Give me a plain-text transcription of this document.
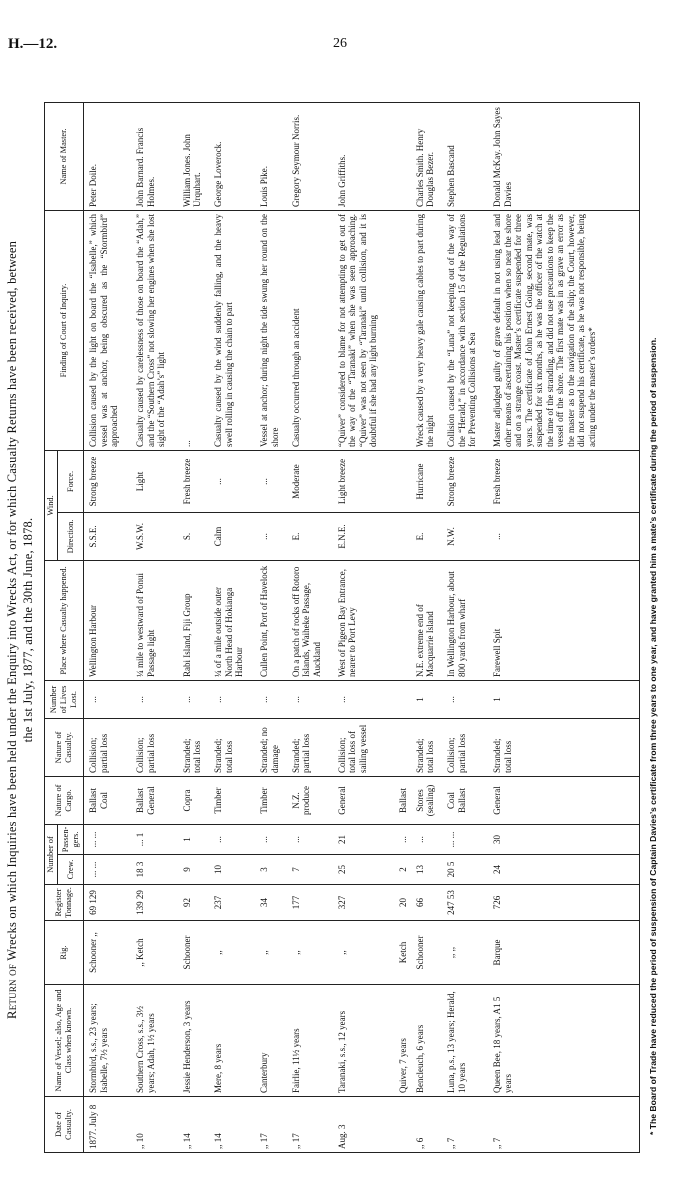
H.—12.	26
Return of Wrecks on which Inquiries have been held under the Enquiry into Wrecks Act, or for which Casualty Returns have been received, between the 1st July, 1877, and the 30th June, 1878.
Date of Casualty.	Name of Vessel; also, Age and Class when known.	Rig.	Register Tonnage.	Number of		Nature of Cargo.	Nature of Casualty.	Number of Lives Lost.	Place where Casualty happened.	Wind.		Finding of Court of Inquiry.	Name of Master.
				Crew.	Passen-gers.					Direction.	Force.		
1877. July 8	Stormbird, s.s., 23 years; Isabelle, 7½ years	Schooner ,,	69 129	... ...	... ...	Ballast Coal	Collision; partial loss	...	Wellington Harbour	S.S.E.	Strong breeze	Collision caused by the light on board the “Isabelle,” which vessel was at anchor, being obscured as the “Stormbird” approached	Peter Doile.
,, 10	Southern Cross, s.s., 3½ years; Adah, 1½ years	,, Ketch	139 29	18 3	... 1	Ballast General	Collision; partial loss	...	¼ mile to westward of Ponui Passage light	W.S.W.	Light	Casualty caused by carelessness of those on board the “Adah,” and the “Southern Cross” not slowing her engines when she lost sight of the “Adah’s” light	John Barnard. Francis Holmes.
,, 14	Jessie Henderson, 3 years	Schooner	92	9	1	Copra	Stranded; total loss	...	Rabi Island, Fiji Group	S.	Fresh breeze	...	William Jones. John Urquhart.
,, 14	Mere, 8 years	,,	237	10	...	Timber	Stranded; total loss	...	¼ of a mile outside outer North Head of Hokianga Harbour	Calm	...	Casualty caused by the wind suddenly falling, and the heavy swell rolling in causing the chain to part	George Loverock.
,, 17	Canterbury	,,	34	3	...	Timber	Stranded; no damage	...	Cullen Point, Port of Havelock	...	...	Vessel at anchor; during night the tide swung her round on the shore	Louis Pike.
,, 17	Fairlie, 11½ years	,,	177	7	...	N.Z. produce	Stranded; partial loss	...	On a patch of rocks off Rotoro Islands, Waiheke Passage, Auckland	E.	Moderate	Casualty occurred through an accident	Gregory Seymour Norris.
Aug. 3	Taranaki, s.s., 12 years	,,	327	25	21	General	Collision; total loss of sailing vessel	...	West of Pigeon Bay Entrance, nearer to Port Levy	E.N.E.	Light breeze	“Quiver” considered to blame for not attempting to get out of the way of the “Taranaki” when she was seen approaching. “Quiver” was not seen by “Taranaki” until collision, and it is doubtful if she had any light burning	John Griffiths.
	Quiver, 7 years	Ketch	20	2	...	Ballast							
,, 6	Bencleuch, 6 years	Schooner	66	13	...	Stores (sealing)	Stranded; total loss	1	N.E. extreme end of Macquarrie Island	E.	Hurricane	Wreck caused by a very heavy gale causing cables to part during the night	Charles Smith. Henry Douglas Bezer.
,, 7	Luna, p.s., 13 years; Herald, 10 years	,, ,,	247 53	20 5	... ...	Coal Ballast	Collision; partial loss	...	In Wellington Harbour, about 800 yards from wharf	N.W.	Strong breeze	Collision caused by the “Luna” not keeping out of the way of the “Herald,” in accordance with section 15 of the Regulations for Preventing Collisions at Sea	Stephen Bascand
,, 7	Queen Bee, 18 years, A1 5 years	Barque	726	24	30	General	Stranded; total loss	1	Farewell Spit	...	Fresh breeze	Master adjudged guilty of grave default in not using lead and other means of ascertaining his position when so near the shore and on a strange coast. Master’s certificate suspended for three years. The certificate of John Ernest Going, second mate, was suspended for six months, as he was the officer of the watch at the time of the stranding, and did not use precautions to keep the vessel off the shore. The first mate was in as grave an error as the master as to the navigation of the ship; the Court, however, did not suspend his certificate, as he was not responsible, being acting under the master’s orders*	Donald McKay. John Sayes Davies
* The Board of Trade have reduced the period of suspension of Captain Davies’s certificate from three years to one year, and have granted him a mate’s certificate during the period of suspension.
